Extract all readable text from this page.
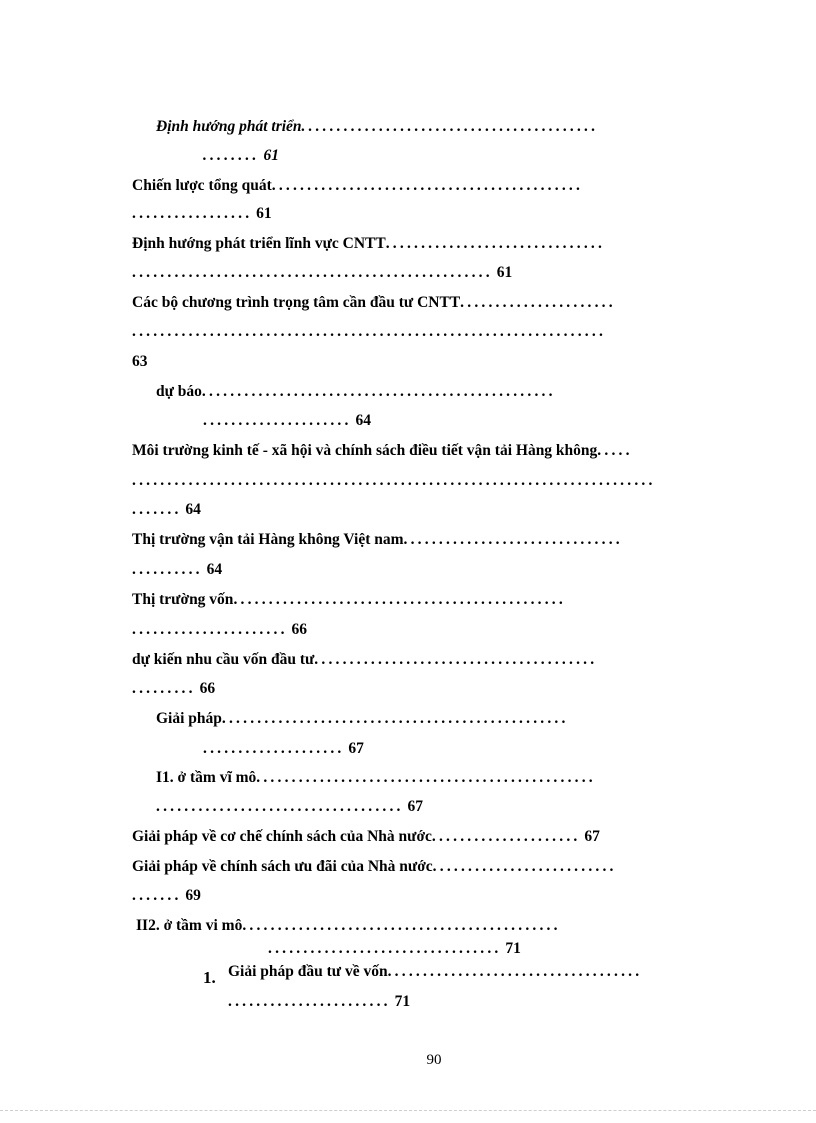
Định hướng phát triển..........................................
........ 61
Chiến lược tổng quát............................................
................. 61
Định hướng phát triển lĩnh vực CNTT...............................
................................................... 61
Các bộ chương trình trọng tâm cần đầu tư CNTT......................
...................................................................
63
dự báo..................................................
..................... 64
Môi trường kinh tế - xã hội và chính sách điều tiết vận tải Hàng không.....
..........................................................................
....... 64
Thị trường vận tải Hàng không Việt nam...............................
.......... 64
Thị trường vốn...............................................
...................... 66
dự kiến nhu cầu vốn đầu tư........................................
......... 66
Giải pháp.................................................
.................... 67
I1. ở tầm vĩ mô................................................
................................... 67
Giải pháp về cơ chế chính sách của Nhà nước..................... 67
Giải pháp về chính sách ưu đãi của Nhà nước..........................
....... 69
II2. ở tầm vi mô.............................................
................................. 71
1. Giải pháp đầu tư về vốn....................................
....................... 71
90
